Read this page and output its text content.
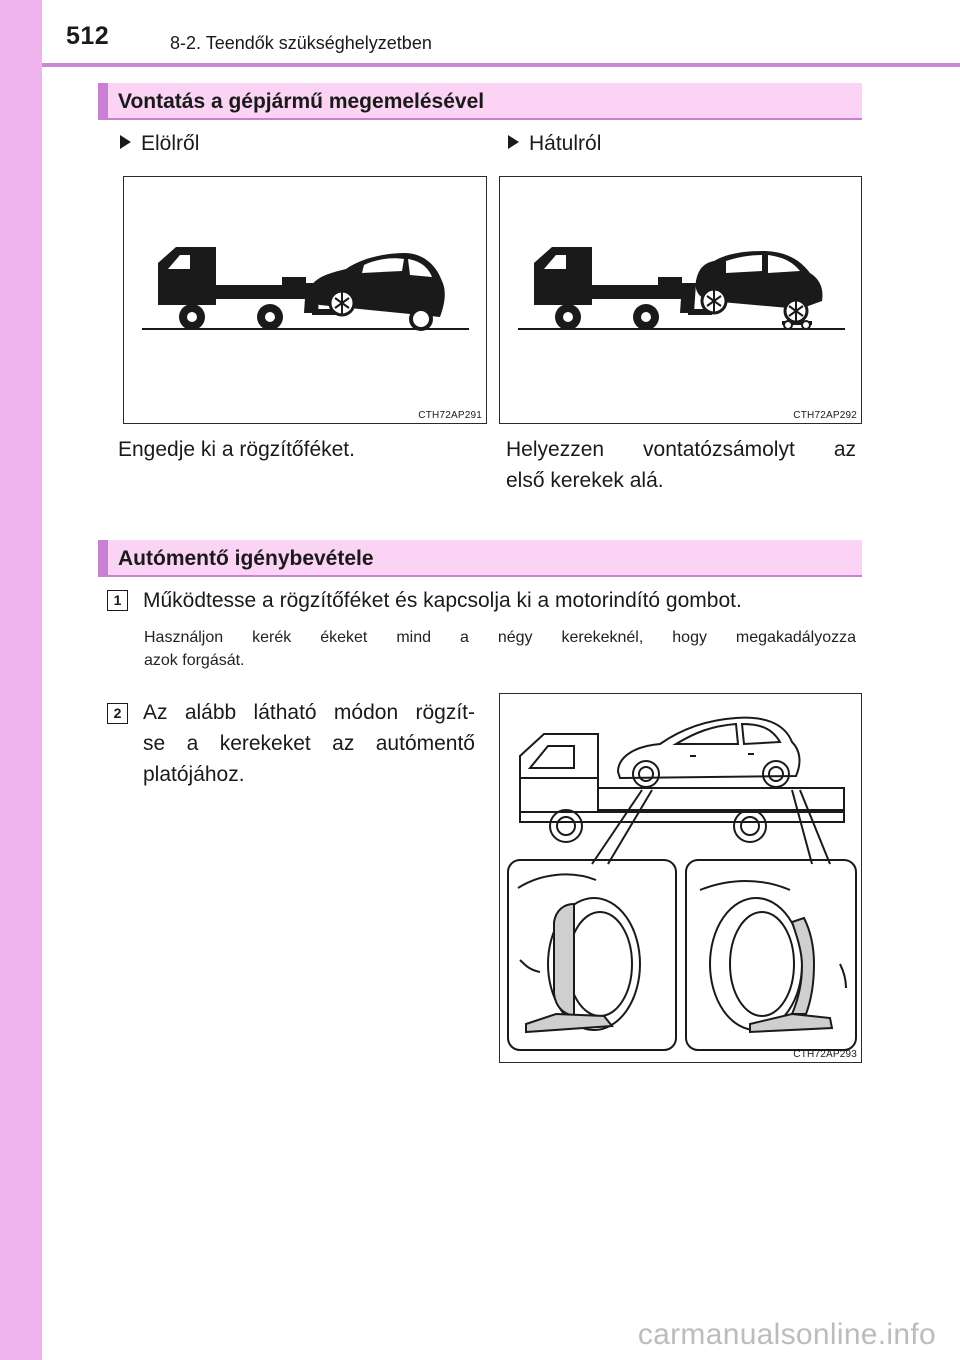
512	8-2. Teendők szükséghelyzetben
Vontatás a gépjármű megemelésével
Elölről	Hátulról
CTH72AP291	CTH72AP292
Engedje ki a rögzítőféket.	Helyezzen vontatózsámolyt az
első kerekek alá.
Autómentő igénybevétele
1	Működtesse a rögzítőféket és kapcsolja ki a motorindító gombot.
Használjon kerék ékeket mind a négy kerekeknél, hogy megakadályozza
azok forgását.
2	Az alább látható módon rögzít-
se a kerekeket az autómentő
platójához.
CTH72AP293
carmanualsonline.info
